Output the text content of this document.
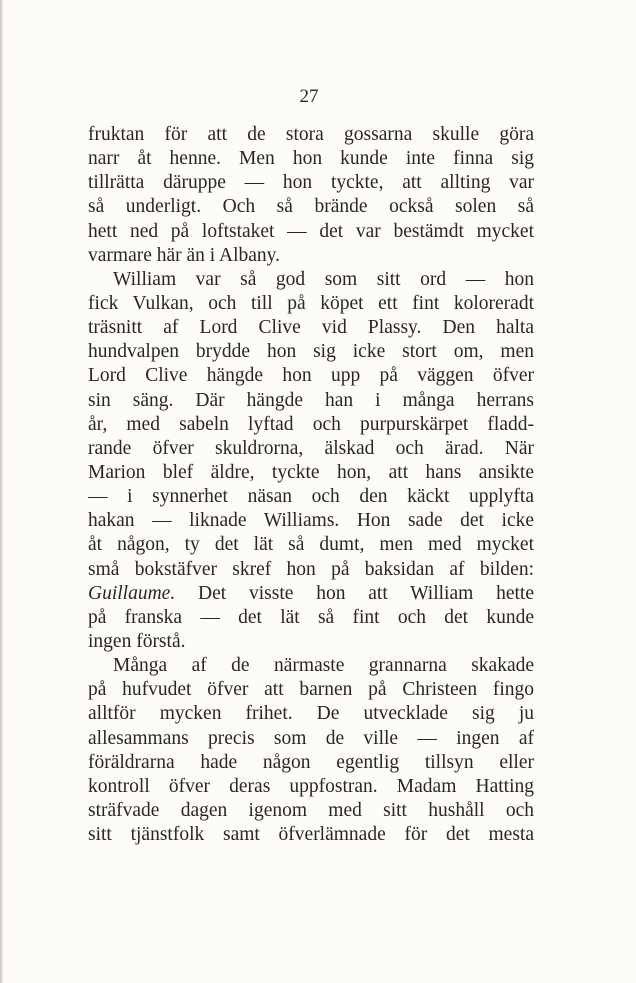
27
fruktan för att de stora gossarna skulle göra
narr åt henne. Men hon kunde inte finna sig
tillrätta däruppe — hon tyckte, att allting var
så underligt. Och så brände också solen så
hett ned på loftstaket — det var bestämdt mycket
varmare här än i Albany.
William var så god som sitt ord — hon
fick Vulkan, och till på köpet ett fint koloreradt
träsnitt af Lord Clive vid Plassy. Den halta
hundvalpen brydde hon sig icke stort om, men
Lord Clive hängde hon upp på väggen öfver
sin säng. Där hängde han i många herrans
år, med sabeln lyftad och purpurskärpet fladd-
rande öfver skuldrorna, älskad och ärad. När
Marion blef äldre, tyckte hon, att hans ansikte
— i synnerhet näsan och den käckt upplyfta
hakan — liknade Williams. Hon sade det icke
åt någon, ty det lät så dumt, men med mycket
små bokstäfver skref hon på baksidan af bilden:
Guillaume. Det visste hon att William hette
på franska — det lät så fint och det kunde
ingen förstå.
Många af de närmaste grannarna skakade
på hufvudet öfver att barnen på Christeen fingo
alltför mycken frihet. De utvecklade sig ju
allesammans precis som de ville — ingen af
föräldrarna hade någon egentlig tillsyn eller
kontroll öfver deras uppfostran. Madam Hatting
sträfvade dagen igenom med sitt hushåll och
sitt tjänstfolk samt öfverlämnade för det mesta
